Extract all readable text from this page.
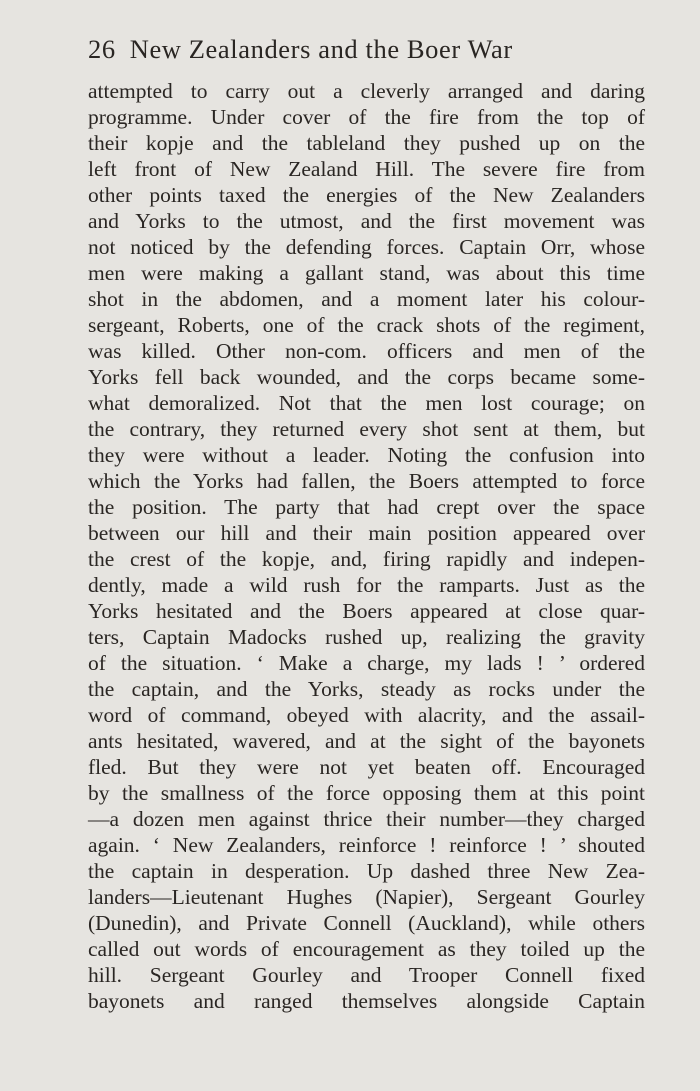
26 New Zealanders and the Boer War
attempted to carry out a cleverly arranged and daring
programme. Under cover of the fire from the top of
their kopje and the tableland they pushed up on the
left front of New Zealand Hill. The severe fire from
other points taxed the energies of the New Zealanders
and Yorks to the utmost, and the first movement was
not noticed by the defending forces. Captain Orr, whose
men were making a gallant stand, was about this time
shot in the abdomen, and a moment later his colour-
sergeant, Roberts, one of the crack shots of the regiment,
was killed. Other non-com. officers and men of the
Yorks fell back wounded, and the corps became some-
what demoralized. Not that the men lost courage; on
the contrary, they returned every shot sent at them, but
they were without a leader. Noting the confusion into
which the Yorks had fallen, the Boers attempted to force
the position. The party that had crept over the space
between our hill and their main position appeared over
the crest of the kopje, and, firing rapidly and indepen-
dently, made a wild rush for the ramparts. Just as the
Yorks hesitated and the Boers appeared at close quar-
ters, Captain Madocks rushed up, realizing the gravity
of the situation. ‘ Make a charge, my lads ! ’ ordered
the captain, and the Yorks, steady as rocks under the
word of command, obeyed with alacrity, and the assail-
ants hesitated, wavered, and at the sight of the bayonets
fled. But they were not yet beaten off. Encouraged
by the smallness of the force opposing them at this point
—a dozen men against thrice their number—they charged
again. ‘ New Zealanders, reinforce ! reinforce ! ’ shouted
the captain in desperation. Up dashed three New Zea-
landers—Lieutenant Hughes (Napier), Sergeant Gourley
(Dunedin), and Private Connell (Auckland), while others
called out words of encouragement as they toiled up the
hill. Sergeant Gourley and Trooper Connell fixed
bayonets and ranged themselves alongside Captain
